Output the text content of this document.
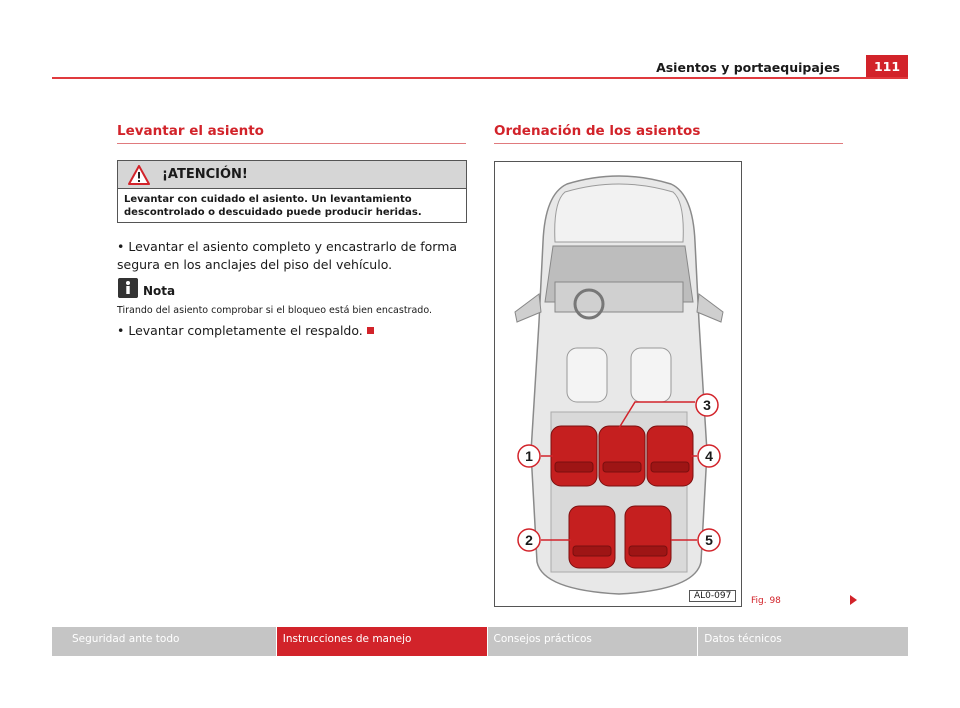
Asientos y portaequipajes	111
Levantar el asiento
¡ATENCIÓN!
Levantar con cuidado el asiento. Un levantamiento descontrolado o descuidado puede producir heridas.
• Levantar el asiento completo y encastrarlo de forma segura en los anclajes del piso del vehículo.
Nota
Tirando del asiento comprobar si el bloqueo está bien encastrado.
• Levantar completamente el respaldo.
Ordenación de los asientos
1
2
3
4
5
AL0-097	Fig. 98
Seguridad ante todo	Instrucciones de manejo	Consejos prácticos	Datos técnicos
